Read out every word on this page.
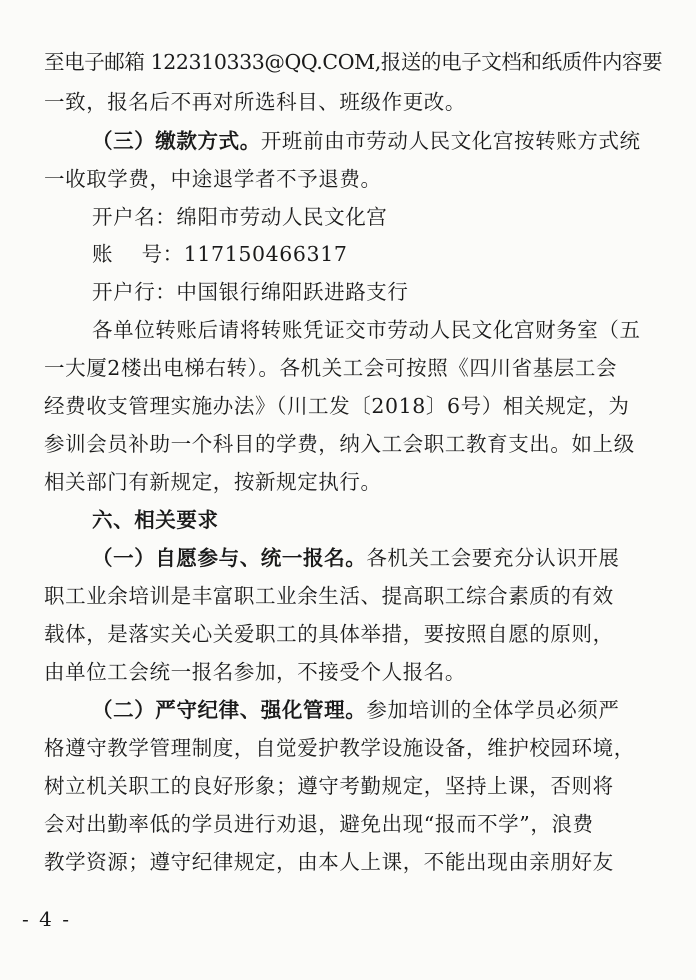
至电子邮箱 122310333@QQ.COM,报送的电子文档和纸质件内容要
一致，报名后不再对所选科目、班级作更改。
（三）缴款方式。开班前由市劳动人民文化宫按转账方式统
一收取学费，中途退学者不予退费。
开户名：绵阳市劳动人民文化宫
账    号：117150466317
开户行：中国银行绵阳跃进路支行
各单位转账后请将转账凭证交市劳动人民文化宫财务室（五
一大厦2楼出电梯右转）。各机关工会可按照《四川省基层工会
经费收支管理实施办法》（川工发〔2018〕6号）相关规定，为
参训会员补助一个科目的学费，纳入工会职工教育支出。如上级
相关部门有新规定，按新规定执行。
六、相关要求
（一）自愿参与、统一报名。各机关工会要充分认识开展
职工业余培训是丰富职工业余生活、提高职工综合素质的有效
载体，是落实关心关爱职工的具体举措，要按照自愿的原则，
由单位工会统一报名参加，不接受个人报名。
（二）严守纪律、强化管理。参加培训的全体学员必须严
格遵守教学管理制度，自觉爱护教学设施设备，维护校园环境，
树立机关职工的良好形象；遵守考勤规定，坚持上课，否则将
会对出勤率低的学员进行劝退，避免出现“报而不学”，浪费
教学资源；遵守纪律规定，由本人上课，不能出现由亲朋好友
- 4 -
